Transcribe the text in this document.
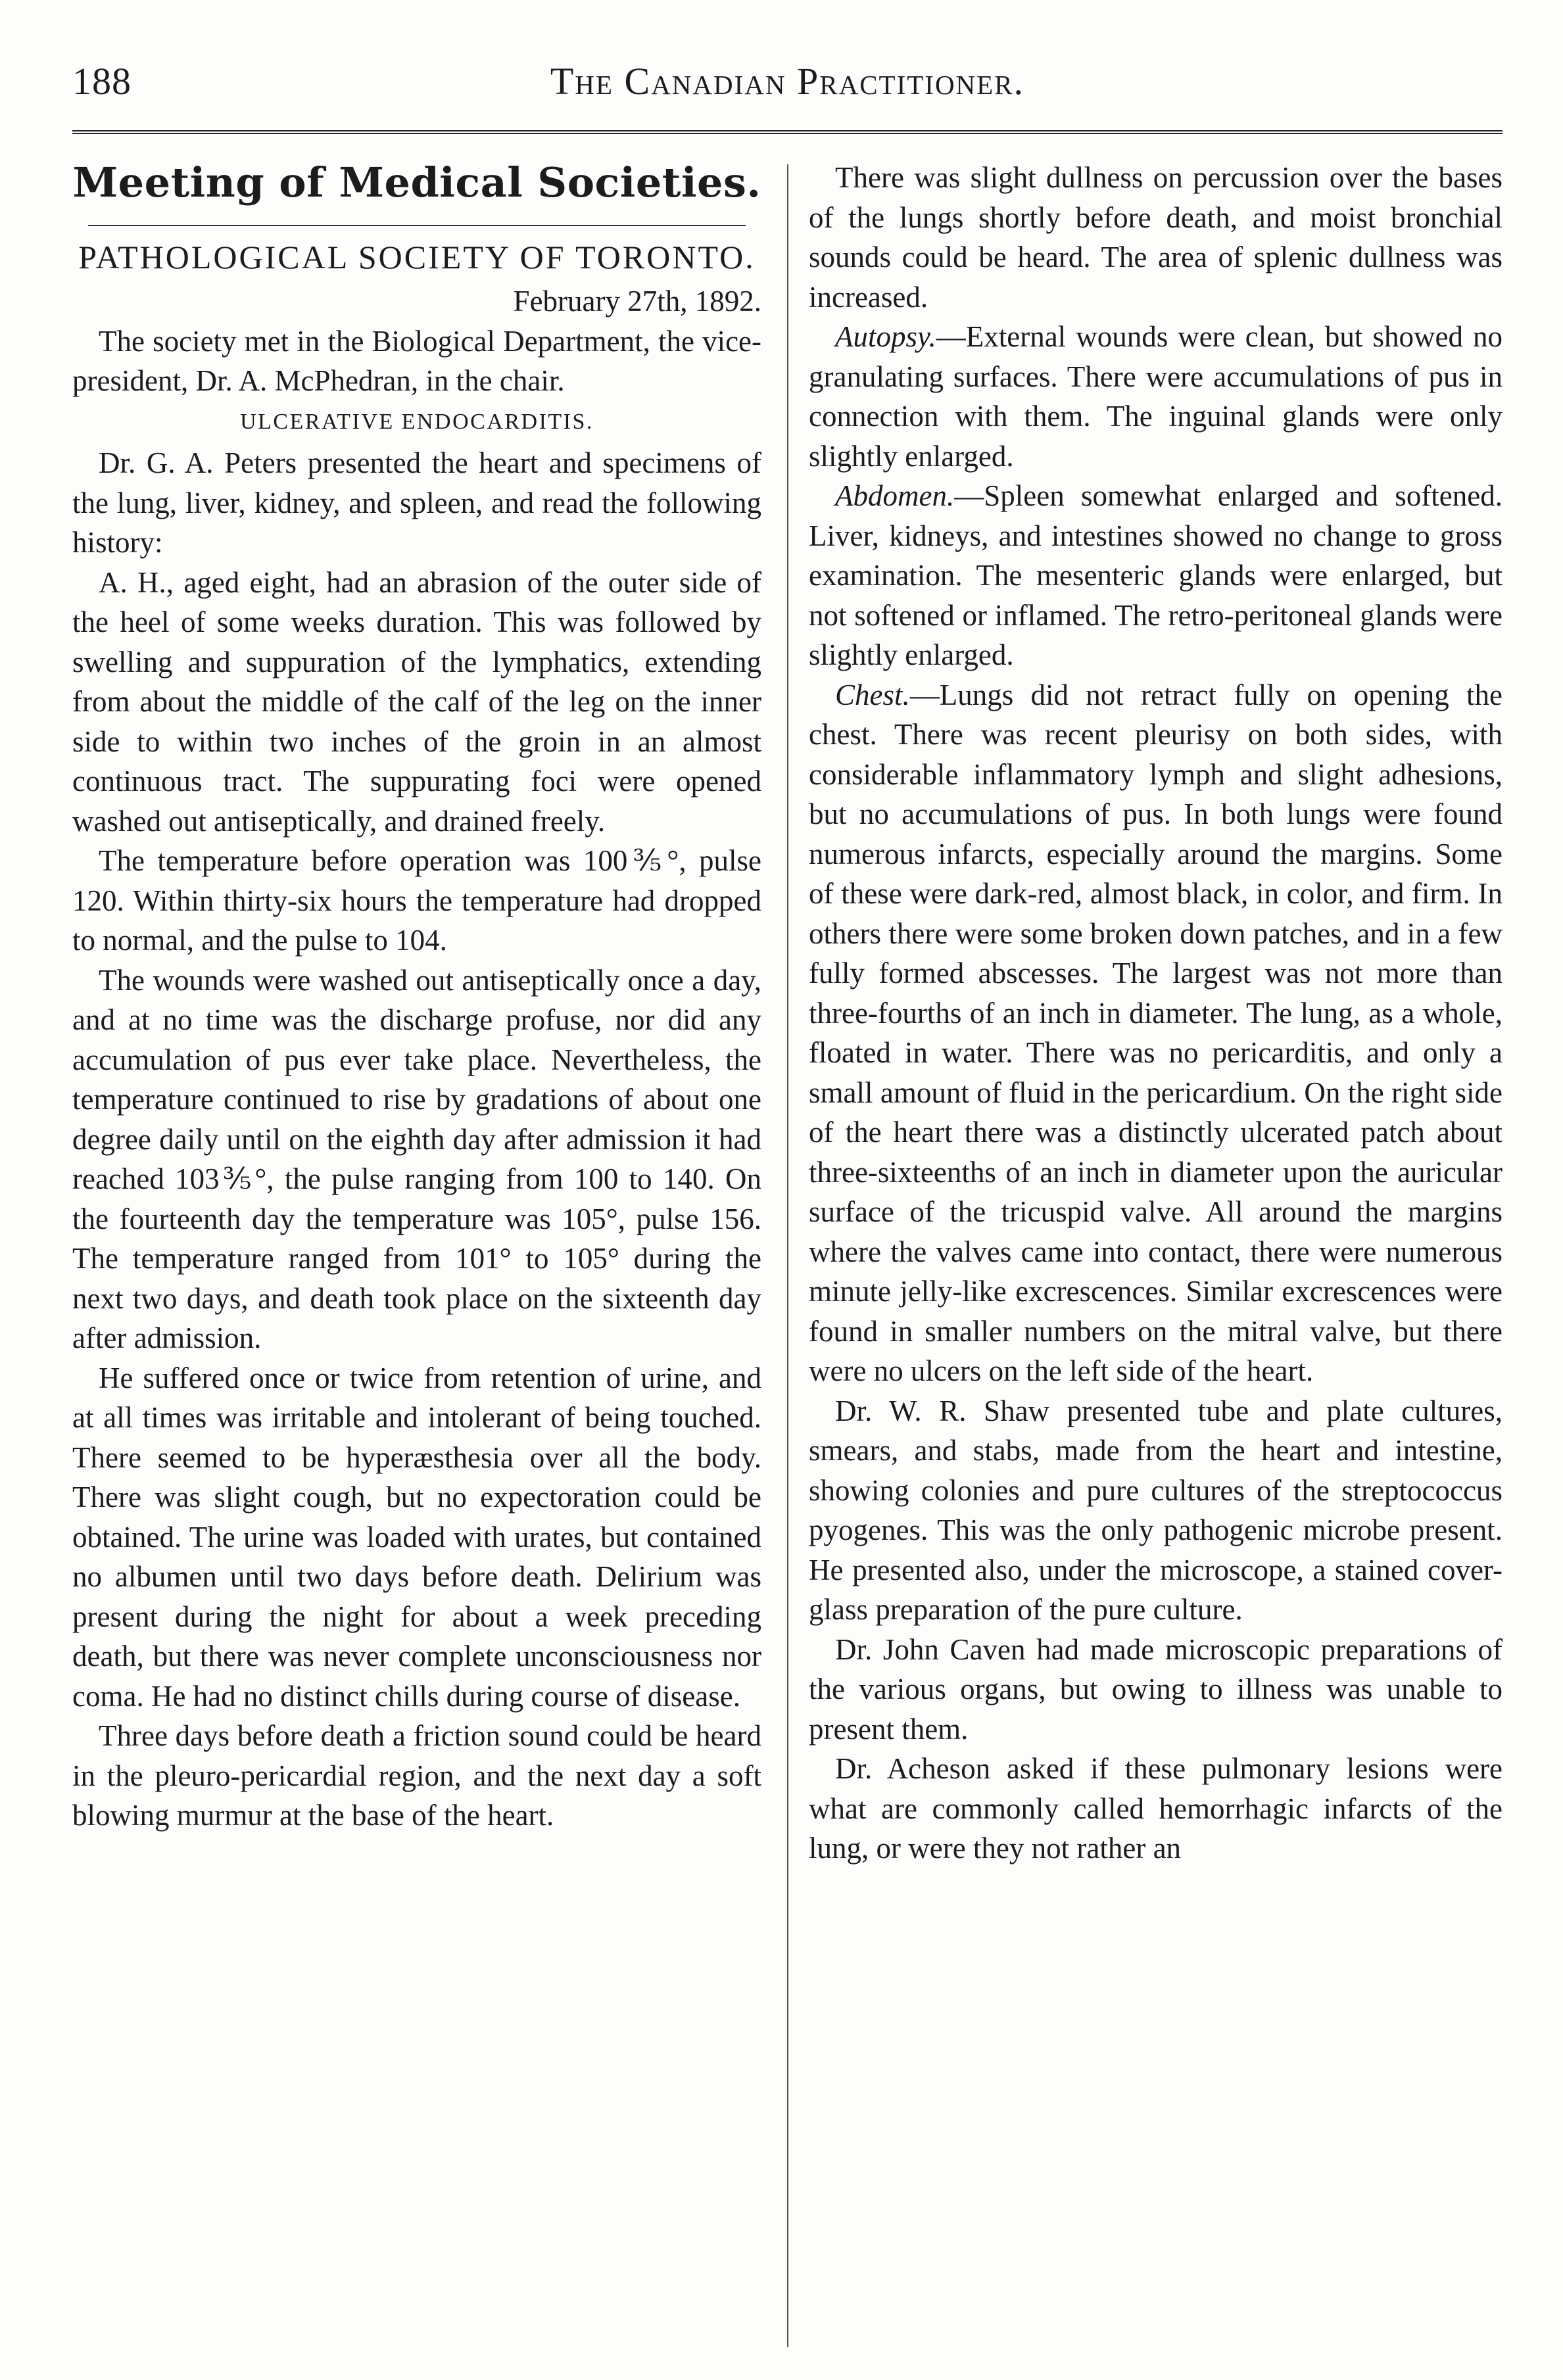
188	The Canadian Practitioner.
Meeting of Medical Societies.
PATHOLOGICAL SOCIETY OF TORONTO.

February 27th, 1892.

The society met in the Biological Department, the vice-president, Dr. A. McPhedran, in the chair.

ULCERATIVE ENDOCARDITIS.

Dr. G. A. Peters presented the heart and specimens of the lung, liver, kidney, and spleen, and read the following history:

A. H., aged eight, had an abrasion of the outer side of the heel of some weeks duration. This was followed by swelling and suppuration of the lymphatics, extending from about the middle of the calf of the leg on the inner side to within two inches of the groin in an almost continuous tract. The suppurating foci were opened washed out antiseptically, and drained freely.

The temperature before operation was 100⅗°, pulse 120. Within thirty-six hours the temperature had dropped to normal, and the pulse to 104.

The wounds were washed out antiseptically once a day, and at no time was the discharge profuse, nor did any accumulation of pus ever take place. Nevertheless, the temperature continued to rise by gradations of about one degree daily until on the eighth day after admission it had reached 103⅗°, the pulse ranging from 100 to 140. On the fourteenth day the temperature was 105°, pulse 156. The temperature ranged from 101° to 105° during the next two days, and death took place on the sixteenth day after admission.

He suffered once or twice from retention of urine, and at all times was irritable and intolerant of being touched. There seemed to be hyperæsthesia over all the body. There was slight cough, but no expectoration could be obtained. The urine was loaded with urates, but contained no albumen until two days before death. Delirium was present during the night for about a week preceding death, but there was never complete unconsciousness nor coma. He had no distinct chills during course of disease.

Three days before death a friction sound could be heard in the pleuro-pericardial region, and the next day a soft blowing murmur at the base of the heart.

There was slight dullness on percussion over the bases of the lungs shortly before death, and moist bronchial sounds could be heard. The area of splenic dullness was increased.

Autopsy.—External wounds were clean, but showed no granulating surfaces. There were accumulations of pus in connection with them. The inguinal glands were only slightly enlarged.

Abdomen.—Spleen somewhat enlarged and softened. Liver, kidneys, and intestines showed no change to gross examination. The mesenteric glands were enlarged, but not softened or inflamed. The retro-peritoneal glands were slightly enlarged.

Chest.—Lungs did not retract fully on opening the chest. There was recent pleurisy on both sides, with considerable inflammatory lymph and slight adhesions, but no accumulations of pus. In both lungs were found numerous infarcts, especially around the margins. Some of these were dark-red, almost black, in color, and firm. In others there were some broken down patches, and in a few fully formed abscesses. The largest was not more than three-fourths of an inch in diameter. The lung, as a whole, floated in water. There was no pericarditis, and only a small amount of fluid in the pericardium. On the right side of the heart there was a distinctly ulcerated patch about three-sixteenths of an inch in diameter upon the auricular surface of the tricuspid valve. All around the margins where the valves came into contact, there were numerous minute jelly-like excrescences. Similar excrescences were found in smaller numbers on the mitral valve, but there were no ulcers on the left side of the heart.

Dr. W. R. Shaw presented tube and plate cultures, smears, and stabs, made from the heart and intestine, showing colonies and pure cultures of the streptococcus pyogenes. This was the only pathogenic microbe present. He presented also, under the microscope, a stained cover-glass preparation of the pure culture.

Dr. John Caven had made microscopic preparations of the various organs, but owing to illness was unable to present them.

Dr. Acheson asked if these pulmonary lesions were what are commonly called hemorrhagic infarcts of the lung, or were they not rather an
